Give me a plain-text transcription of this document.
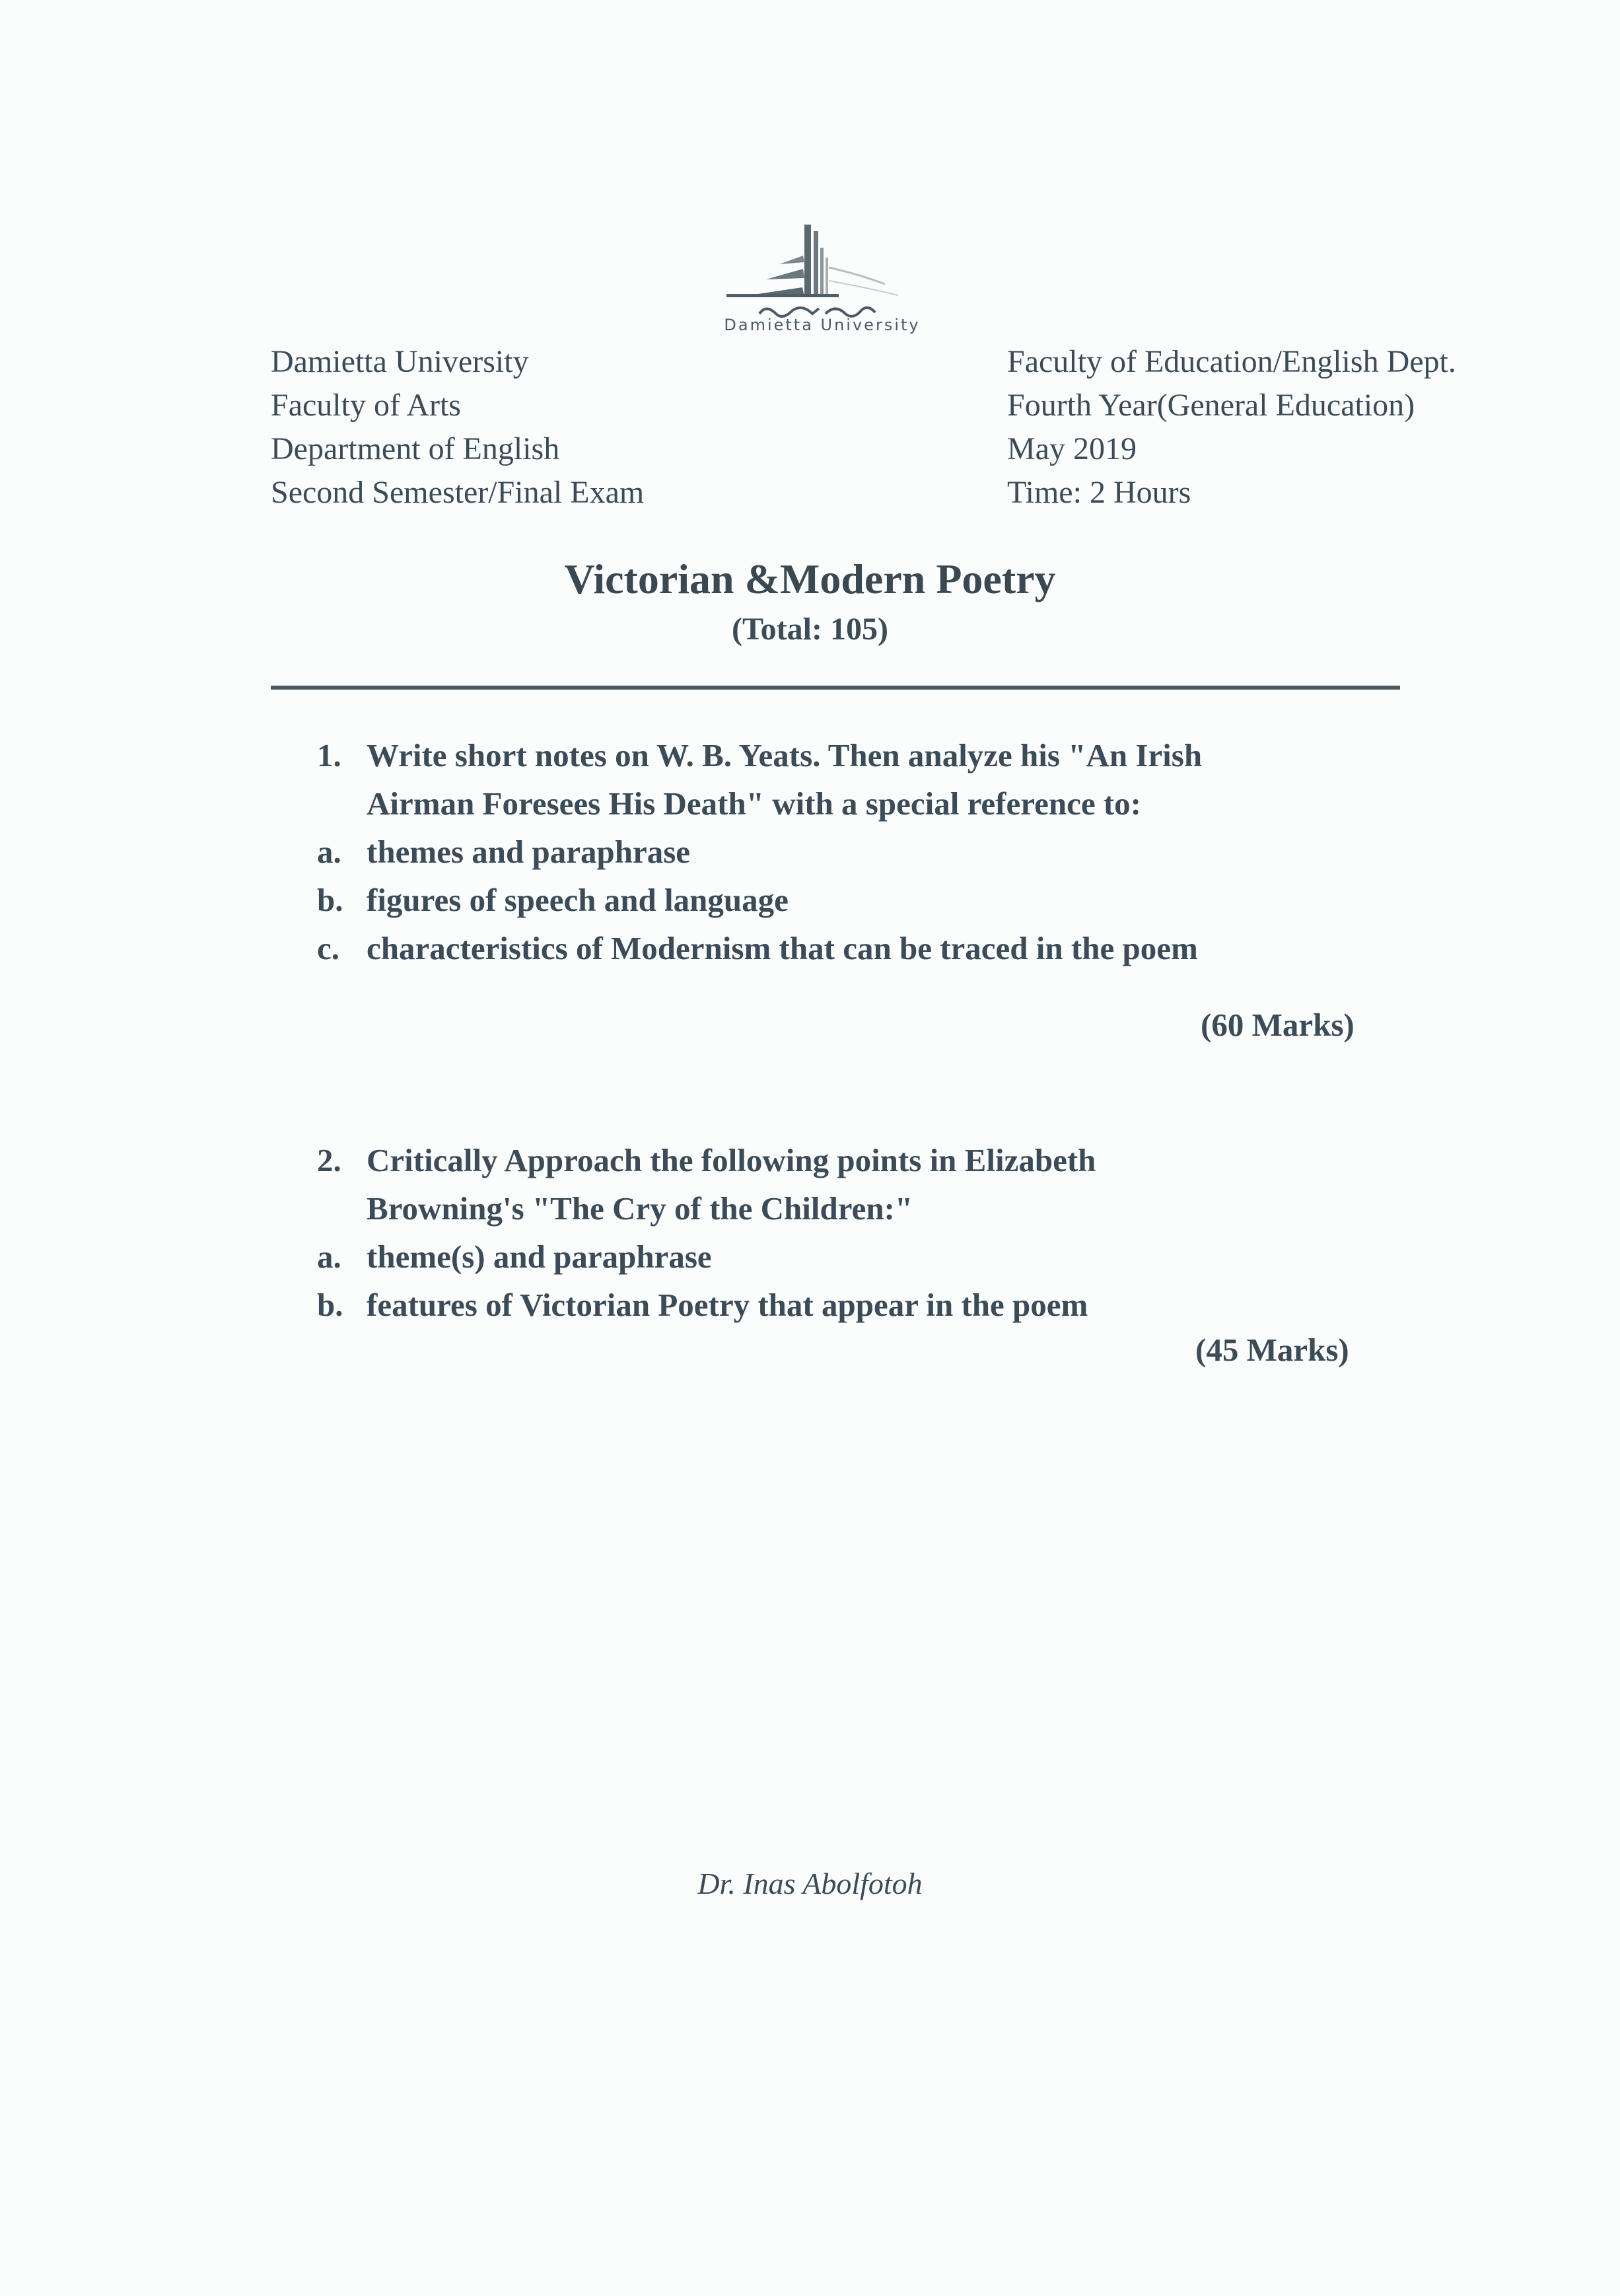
Damietta University
Damietta University
Faculty of Arts
Department of English
Second Semester/Final Exam
Faculty of Education/English Dept.
Fourth Year(General Education)
May 2019
Time: 2 Hours
Victorian &Modern Poetry
(Total: 105)
1. Write short notes on W. B. Yeats. Then analyze his "An Irish
Airman Foresees His Death" with a special reference to:
a. themes and paraphrase
b. figures of speech and language
c. characteristics of Modernism that can be traced in the poem
(60 Marks)
2. Critically Approach the following points in Elizabeth
Browning's "The Cry of the Children:"
a. theme(s) and paraphrase
b. features of Victorian Poetry that appear in the poem
(45 Marks)
Dr. Inas Abolfotoh
